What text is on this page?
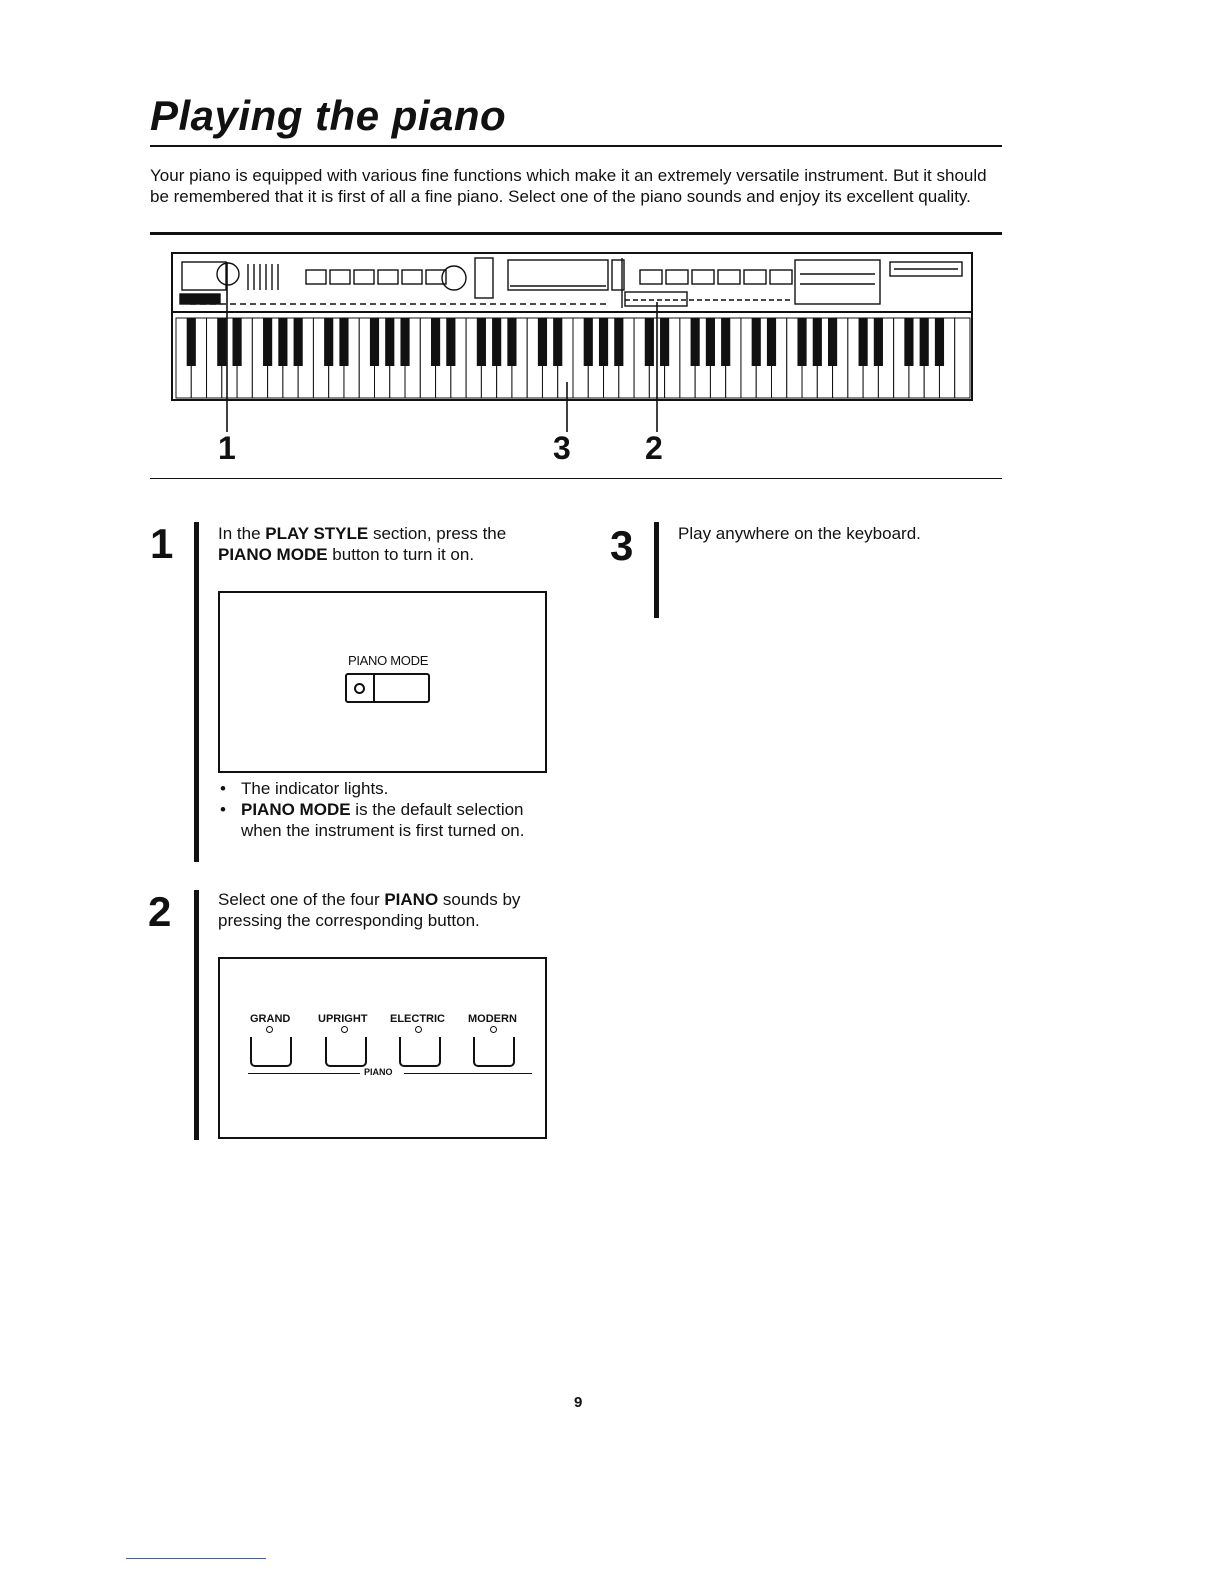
Playing the piano

Your piano is equipped with various fine functions which make it an extremely versatile instrument. But it should be remembered that it is first of all a fine piano. Select one of the piano sounds and enjoy its excellent quality.

1	3 2
1	In the PLAY STYLE section, press the PIANO MODE button to turn it on.

PIANO MODE
• The indicator lights.
• PIANO MODE is the default selection when the instrument is first turned on.
2	Select one of the four PIANO sounds by pressing the corresponding button.

GRAND	UPRIGHT ELECTRIC MODERN
PIANO
3	Play anywhere on the keyboard.

9
